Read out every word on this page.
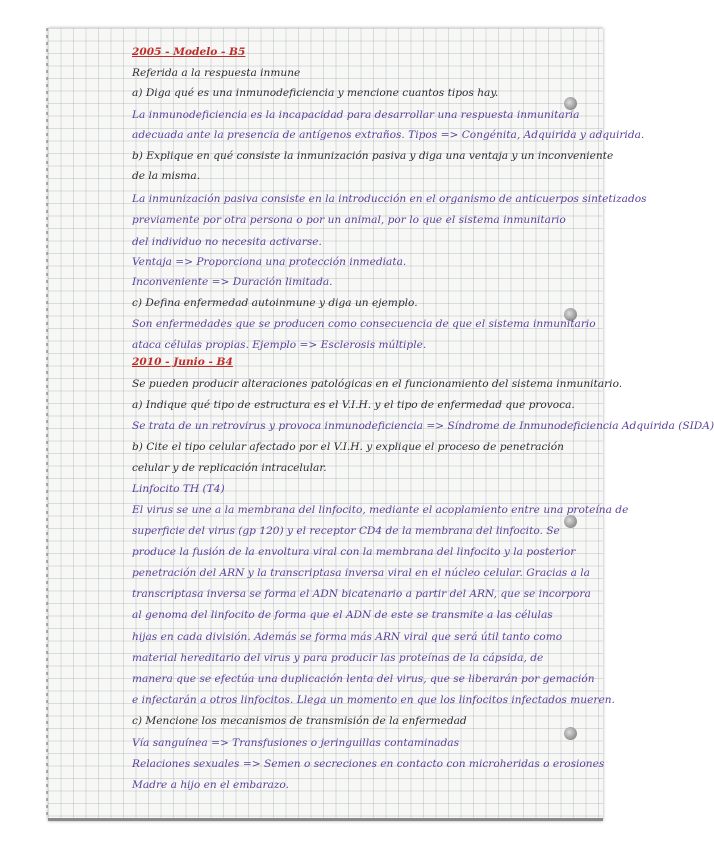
2005 - Modelo - B5
Referida a la respuesta inmune
a) Diga qué es una inmunodeficiencia y mencione cuantos tipos hay.
La inmunodeficiencia es la incapacidad para desarrollar una respuesta inmunitaria
adecuada ante la presencia de antígenos extraños. Tipos => Congénita, Adquirida y adquirida.
b) Explique en qué consiste la inmunización pasiva y diga una ventaja y un inconveniente
de la misma.
La inmunización pasiva consiste en la introducción en el organismo de anticuerpos sintetizados
previamente por otra persona o por un animal, por lo que el sistema inmunitario
del individuo no necesita activarse.
Ventaja => Proporciona una protección inmediata.
Inconveniente => Duración limitada.
c) Defina enfermedad autoinmune y diga un ejemplo.
Son enfermedades que se producen como consecuencia de que el sistema inmunitario
ataca células propias. Ejemplo => Esclerosis múltiple.
2010 - Junio - B4
Se pueden producir alteraciones patológicas en el funcionamiento del sistema inmunitario.
a) Indique qué tipo de estructura es el V.I.H. y el tipo de enfermedad que provoca.
Se trata de un retrovirus y provoca inmunodeficiencia => Síndrome de Inmunodeficiencia Adquirida (SIDA)
b) Cite el tipo celular afectado por el V.I.H. y explique el proceso de penetración
celular y de replicación intracelular.
Linfocito TH (T4)
El virus se une a la membrana del linfocito, mediante el acoplamiento entre una proteína de
superficie del virus (gp 120) y el receptor CD4 de la membrana del linfocito. Se
produce la fusión de la envoltura viral con la membrana del linfocito y la posterior
penetración del ARN y la transcriptasa inversa viral en el núcleo celular. Gracias a la
transcriptasa inversa se forma el ADN bicatenario a partir del ARN, que se incorpora
al genoma del linfocito de forma que el ADN de este se transmite a las células
hijas en cada división. Además se forma más ARN viral que será útil tanto como
material hereditario del virus y para producir las proteínas de la cápsida, de
manera que se efectúa una duplicación lenta del virus, que se liberarán por gemación
e infectarán a otros linfocitos. Llega un momento en que los linfocitos infectados mueren.
c) Mencione los mecanismos de transmisión de la enfermedad
Vía sanguínea => Transfusiones o jeringuillas contaminadas
Relaciones sexuales => Semen o secreciones en contacto con microheridas o erosiones
Madre a hijo en el embarazo.
